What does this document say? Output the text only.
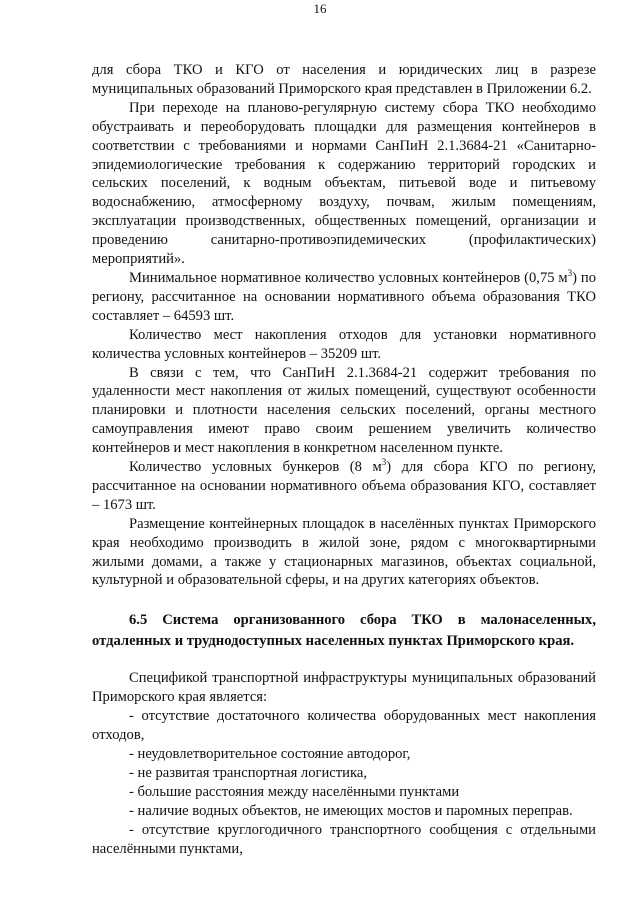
16

для сбора ТКО и КГО от населения и юридических лиц в разрезе муниципальных образований Приморского края представлен в Приложении 6.2.

При переходе на планово-регулярную систему сбора ТКО необходимо обустраивать и переоборудовать площадки для размещения контейнеров в соответствии с требованиями и нормами СанПиН 2.1.3684-21 «Санитарно-эпидемиологические требования к содержанию территорий городских и сельских поселений, к водным объектам, питьевой воде и питьевому водоснабжению, атмосферному воздуху, почвам, жилым помещениям, эксплуатации производственных, общественных помещений, организации и проведению санитарно-противоэпидемических (профилактических) мероприятий».

Минимальное нормативное количество условных контейнеров (0,75 $м^3$) по региону, рассчитанное на основании нормативного объема образования ТКО составляет – 64593 шт.

Количество мест накопления отходов для установки нормативного количества условных контейнеров – 35209 шт.

В связи с тем, что СанПиН 2.1.3684-21 содержит требования по удаленности мест накопления от жилых помещений, существуют особенности планировки и плотности населения сельских поселений, органы местного самоуправления имеют право своим решением увеличить количество контейнеров и мест накопления в конкретном населенном пункте.

Количество условных бункеров (8 $м^3$) для сбора КГО по региону, рассчитанное на основании нормативного объема образования КГО, составляет – 1673 шт.

Размещение контейнерных площадок в населённых пунктах Приморского края необходимо производить в жилой зоне, рядом с многоквартирными жилыми домами, а также у стационарных магазинов, объектах социальной, культурной и образовательной сферы, и на других категориях объектов.

6.5 Система организованного сбора ТКО в малонаселенных, отдаленных и труднодоступных населенных пунктах Приморского края.

Спецификой транспортной инфраструктуры муниципальных образований Приморского края является:

- отсутствие достаточного количества оборудованных мест накопления отходов,

- неудовлетворительное состояние автодорог,

- не развитая транспортная логистика,

- большие расстояния между населёнными пунктами

- наличие водных объектов, не имеющих мостов и паромных переправ.

- отсутствие круглогодичного транспортного сообщения с отдельными населёнными пунктами,
